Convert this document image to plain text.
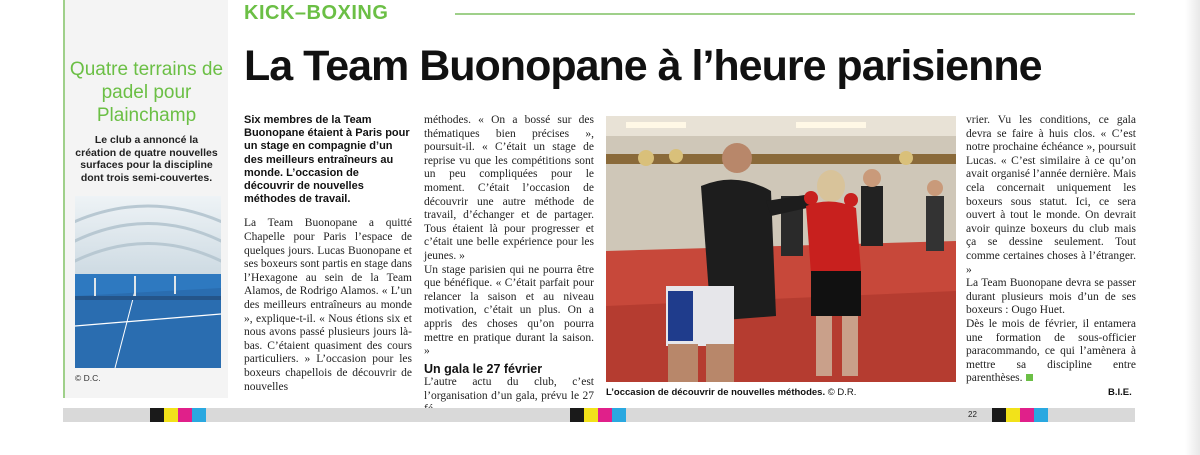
Quatre terrains de padel pour Plainchamp
Le club a annoncé la création de quatre nouvelles surfaces pour la discipline dont trois semi-couvertes.
© D.C.
KICK–BOXING
La Team Buonopane à l’heure parisienne

Six membres de la Team Buonopane étaient à Paris pour un stage en compagnie d’un des meilleurs entraîneurs au monde. L’occasion de découvrir de nouvelles méthodes de travail.

La Team Buonopane a quitté Chapelle pour Paris l’espace de quelques jours. Lucas Buonopane et ses boxeurs sont partis en stage dans l’Hexagone au sein de la Team Alamos, de Rodrigo Alamos. « L’un des meilleurs entraîneurs au monde », explique-t-il. « Nous étions six et nous avons passé plusieurs jours là-bas. C’étaient quasiment des cours particuliers. » L’occasion pour les boxeurs chapellois de découvrir de nouvelles

méthodes. « On a bossé sur des thématiques bien précises », poursuit-il. « C’était un stage de reprise vu que les compétitions sont un peu compliquées pour le moment. C’était l’occasion de découvrir une autre méthode de travail, d’échanger et de partager. Tous étaient là pour progresser et c’était une belle expérience pour les jeunes. »

Un stage parisien qui ne pourra être que bénéfique. « C’était parfait pour relancer la saison et au niveau motivation, c’était un plus. On a appris des choses qu’on pourra mettre en pratique durant la saison. »

Un gala le 27 février

L’autre actu du club, c’est l’organisation d’un gala, prévu le 27 L’occasion de découvrir de nouvelles méthodes. © D.R.

vrier. Vu les conditions, ce gala devra se faire à huis clos. « C’est notre prochaine échéance », poursuit Lucas. « C’est similaire à ce qu’on avait organisé l’année dernière. Mais cela concernait uniquement les boxeurs sous statut. Ici, ce sera ouvert à tout le monde. On devrait avoir quinze boxeurs du club mais ça se dessine seulement. Tout comme certaines choses à l’étranger. »

La Team Buonopane devra se passer durant plusieurs mois d’un de ses boxeurs : Ougo Huet.

Dès le mois de février, il entamera une formation de sous-officier paracommando, ce qui l’amènera à mettre sa discipline entre parenthèses.

B.I.E.
22
